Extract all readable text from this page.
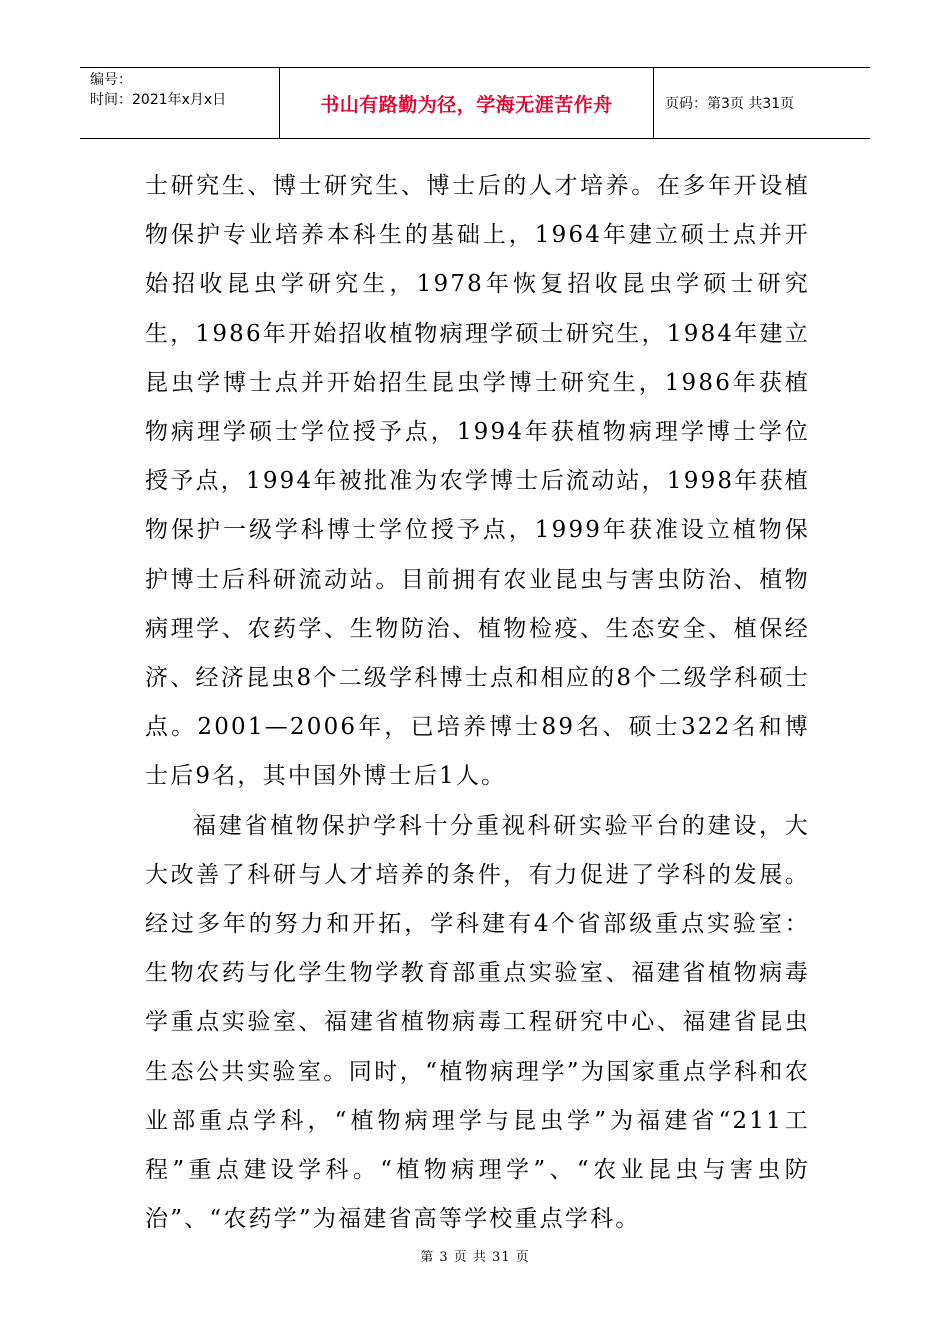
编号：
时间：2021年x月x日	书山有路勤为径，学海无涯苦作舟	页码：第3页 共31页

士研究生、博士研究生、博士后的人才培养。在多年开设植物保护专业培养本科生的基础上，1964年建立硕士点并开始招收昆虫学研究生，1978年恢复招收昆虫学硕士研究生，1986年开始招收植物病理学硕士研究生，1984年建立昆虫学博士点并开始招生昆虫学博士研究生，1986年获植物病理学硕士学位授予点，1994年获植物病理学博士学位授予点，1994年被批准为农学博士后流动站，1998年获植物保护一级学科博士学位授予点，1999年获准设立植物保护博士后科研流动站。目前拥有农业昆虫与害虫防治、植物病理学、农药学、生物防治、植物检疫、生态安全、植保经济、经济昆虫8个二级学科博士点和相应的8个二级学科硕士点。2001—2006年，已培养博士89名、硕士322名和博士后9名，其中国外博士后1人。

福建省植物保护学科十分重视科研实验平台的建设，大大改善了科研与人才培养的条件，有力促进了学科的发展。经过多年的努力和开拓，学科建有4个省部级重点实验室：生物农药与化学生物学教育部重点实验室、福建省植物病毒学重点实验室、福建省植物病毒工程研究中心、福建省昆虫生态公共实验室。同时，“植物病理学”为国家重点学科和农业部重点学科，“植物病理学与昆虫学”为福建省“211工程”重点建设学科。“植物病理学”、“农业昆虫与害虫防治”、“农药学”为福建省高等学校重点学科。

第 3 页 共 31 页
